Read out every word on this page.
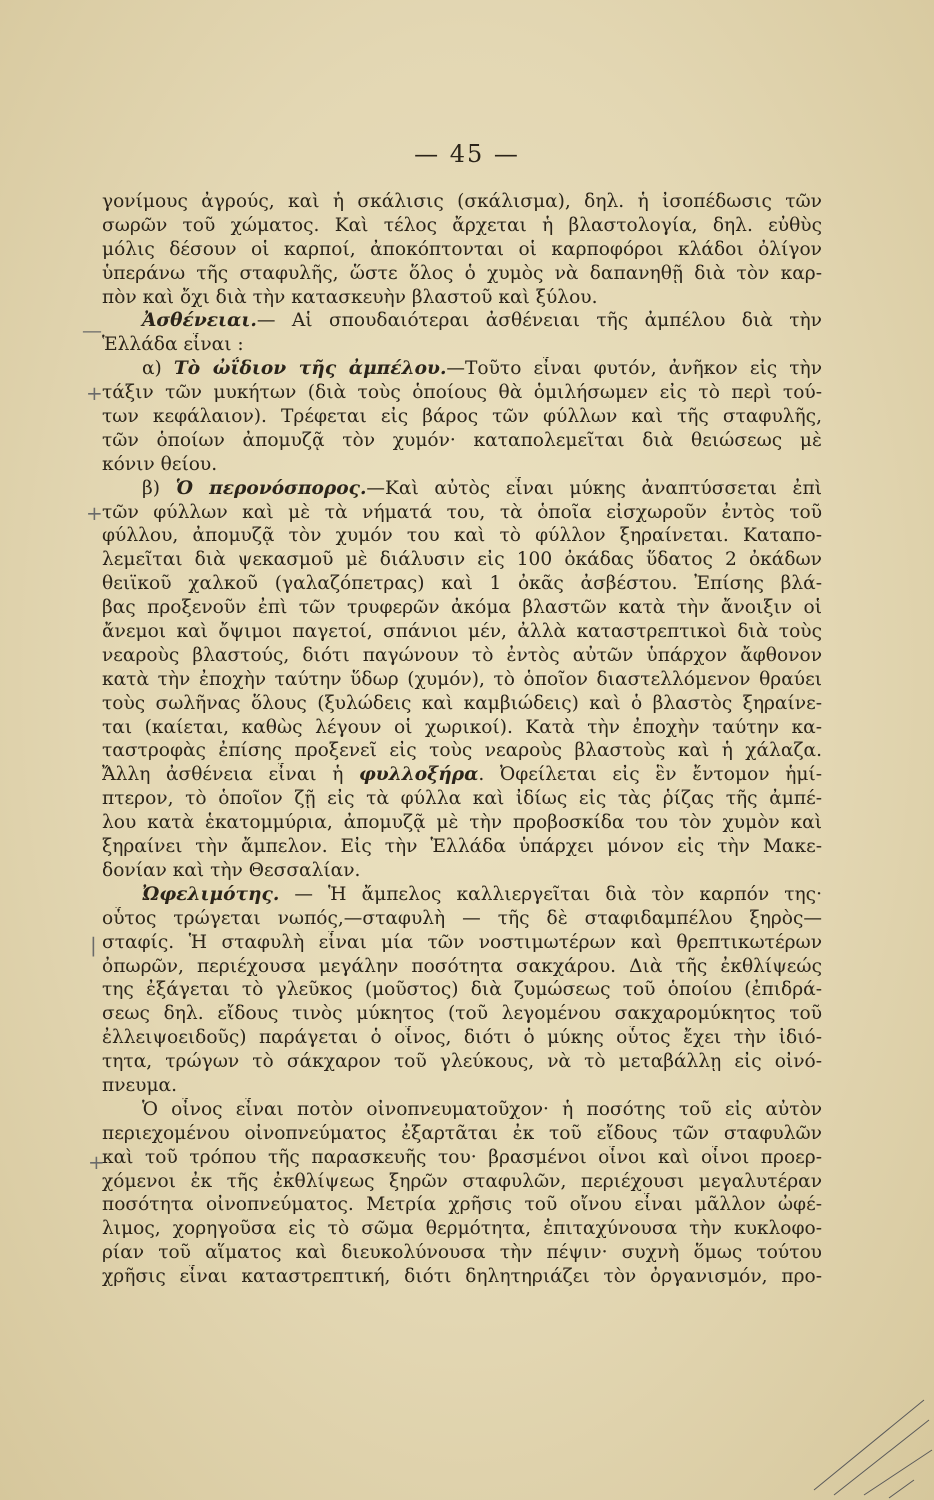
— 45 —
—
+
+
|
+
γονίμους ἀγρούς, καὶ ἡ σκάλισις (σκάλισμα), δηλ. ἡ ἰσοπέδωσις τῶν
σωρῶν τοῦ χώματος. Καὶ τέλος ἄρχεται ἡ βλαστολογία, δηλ. εὐθὺς
μόλις δέσουν οἱ καρποί, ἀποκόπτονται οἱ καρποφόροι κλάδοι ὀλίγον
ὑπεράνω τῆς σταφυλῆς, ὥστε ὅλος ὁ χυμὸς νὰ δαπανηθῇ διὰ τὸν καρ-
πὸν καὶ ὄχι διὰ τὴν κατασκευὴν βλαστοῦ καὶ ξύλου.
Ἀσθένειαι.— Αἱ σπουδαιότεραι ἀσθένειαι τῆς ἀμπέλου διὰ τὴν
Ἑλλάδα εἶναι :
α) Τὸ ὠΐδιον τῆς ἀμπέλου.—Τοῦτο εἶναι φυτόν, ἀνῆκον εἰς τὴν
τάξιν τῶν μυκήτων (διὰ τοὺς ὁποίους θὰ ὁμιλήσωμεν εἰς τὸ περὶ τού-
των κεφάλαιον). Τρέφεται εἰς βάρος τῶν φύλλων καὶ τῆς σταφυλῆς,
τῶν ὁποίων ἀπομυζᾷ τὸν χυμόν· καταπολεμεῖται διὰ θειώσεως μὲ
κόνιν θείου.
β) Ὁ περονόσπορος.—Καὶ αὐτὸς εἶναι μύκης ἀναπτύσσεται ἐπὶ
τῶν φύλλων καὶ μὲ τὰ νήματά του, τὰ ὁποῖα εἰσχωροῦν ἐντὸς τοῦ
φύλλου, ἀπομυζᾷ τὸν χυμόν του καὶ τὸ φύλλον ξηραίνεται. Καταπο-
λεμεῖται διὰ ψεκασμοῦ μὲ διάλυσιν εἰς 100 ὀκάδας ὕδατος 2 ὀκάδων
θειϊκοῦ χαλκοῦ (γαλαζόπετρας) καὶ 1 ὀκᾶς ἀσβέστου. Ἐπίσης βλά-
βας προξενοῦν ἐπὶ τῶν τρυφερῶν ἀκόμα βλαστῶν κατὰ τὴν ἄνοιξιν οἱ
ἄνεμοι καὶ ὄψιμοι παγετοί, σπάνιοι μέν, ἀλλὰ καταστρεπτικοὶ διὰ τοὺς
νεαροὺς βλαστούς, διότι παγώνουν τὸ ἐντὸς αὐτῶν ὑπάρχον ἄφθονον
κατὰ τὴν ἐποχὴν ταύτην ὕδωρ (χυμόν), τὸ ὁποῖον διαστελλόμενον θραύει
τοὺς σωλῆνας ὅλους (ξυλώδεις καὶ καμβιώδεις) καὶ ὁ βλαστὸς ξηραίνε-
ται (καίεται, καθὼς λέγουν οἱ χωρικοί). Κατὰ τὴν ἐποχὴν ταύτην κα-
ταστροφὰς ἐπίσης προξενεῖ εἰς τοὺς νεαροὺς βλαστοὺς καὶ ἡ χάλαζα.
Ἄλλη ἀσθένεια εἶναι ἡ φυλλοξήρα. Ὀφείλεται εἰς ἓν ἔντομον ἡμί-
πτερον, τὸ ὁποῖον ζῇ εἰς τὰ φύλλα καὶ ἰδίως εἰς τὰς ῥίζας τῆς ἀμπέ-
λου κατὰ ἑκατομμύρια, ἀπομυζᾷ μὲ τὴν προβοσκίδα του τὸν χυμὸν καὶ
ξηραίνει τὴν ἄμπελον. Εἰς τὴν Ἑλλάδα ὑπάρχει μόνον εἰς τὴν Μακε-
δονίαν καὶ τὴν Θεσσαλίαν.
Ὠφελιμότης. — Ἡ ἄμπελος καλλιεργεῖται διὰ τὸν καρπόν της·
οὗτος τρώγεται νωπός,—σταφυλὴ — τῆς δὲ σταφιδαμπέλου ξηρὸς—
σταφίς. Ἡ σταφυλὴ εἶναι μία τῶν νοστιμωτέρων καὶ θρεπτικωτέρων
ὀπωρῶν, περιέχουσα μεγάλην ποσότητα σακχάρου. Διὰ τῆς ἐκθλίψεώς
της ἐξάγεται τὸ γλεῦκος (μοῦστος) διὰ ζυμώσεως τοῦ ὁποίου (ἐπιδρά-
σεως δηλ. εἴδους τινὸς μύκητος (τοῦ λεγομένου σακχαρομύκητος τοῦ
ἐλλειψοειδοῦς) παράγεται ὁ οἶνος, διότι ὁ μύκης οὗτος ἔχει τὴν ἰδιό-
τητα, τρώγων τὸ σάκχαρον τοῦ γλεύκους, νὰ τὸ μεταβάλλῃ εἰς οἰνό-
πνευμα.
Ὁ οἶνος εἶναι ποτὸν οἰνοπνευματοῦχον· ἡ ποσότης τοῦ εἰς αὐτὸν
περιεχομένου οἰνοπνεύματος ἐξαρτᾶται ἐκ τοῦ εἴδους τῶν σταφυλῶν
καὶ τοῦ τρόπου τῆς παρασκευῆς του· βρασμένοι οἶνοι καὶ οἶνοι προερ-
χόμενοι ἐκ τῆς ἐκθλίψεως ξηρῶν σταφυλῶν, περιέχουσι μεγαλυτέραν
ποσότητα οἰνοπνεύματος. Μετρία χρῆσις τοῦ οἴνου εἶναι μᾶλλον ὠφέ-
λιμος, χορηγοῦσα εἰς τὸ σῶμα θερμότητα, ἐπιταχύνουσα τὴν κυκλοφο-
ρίαν τοῦ αἵματος καὶ διευκολύνουσα τὴν πέψιν· συχνὴ ὅμως τούτου
χρῆσις εἶναι καταστρεπτική, διότι δηλητηριάζει τὸν ὀργανισμόν, προ-
